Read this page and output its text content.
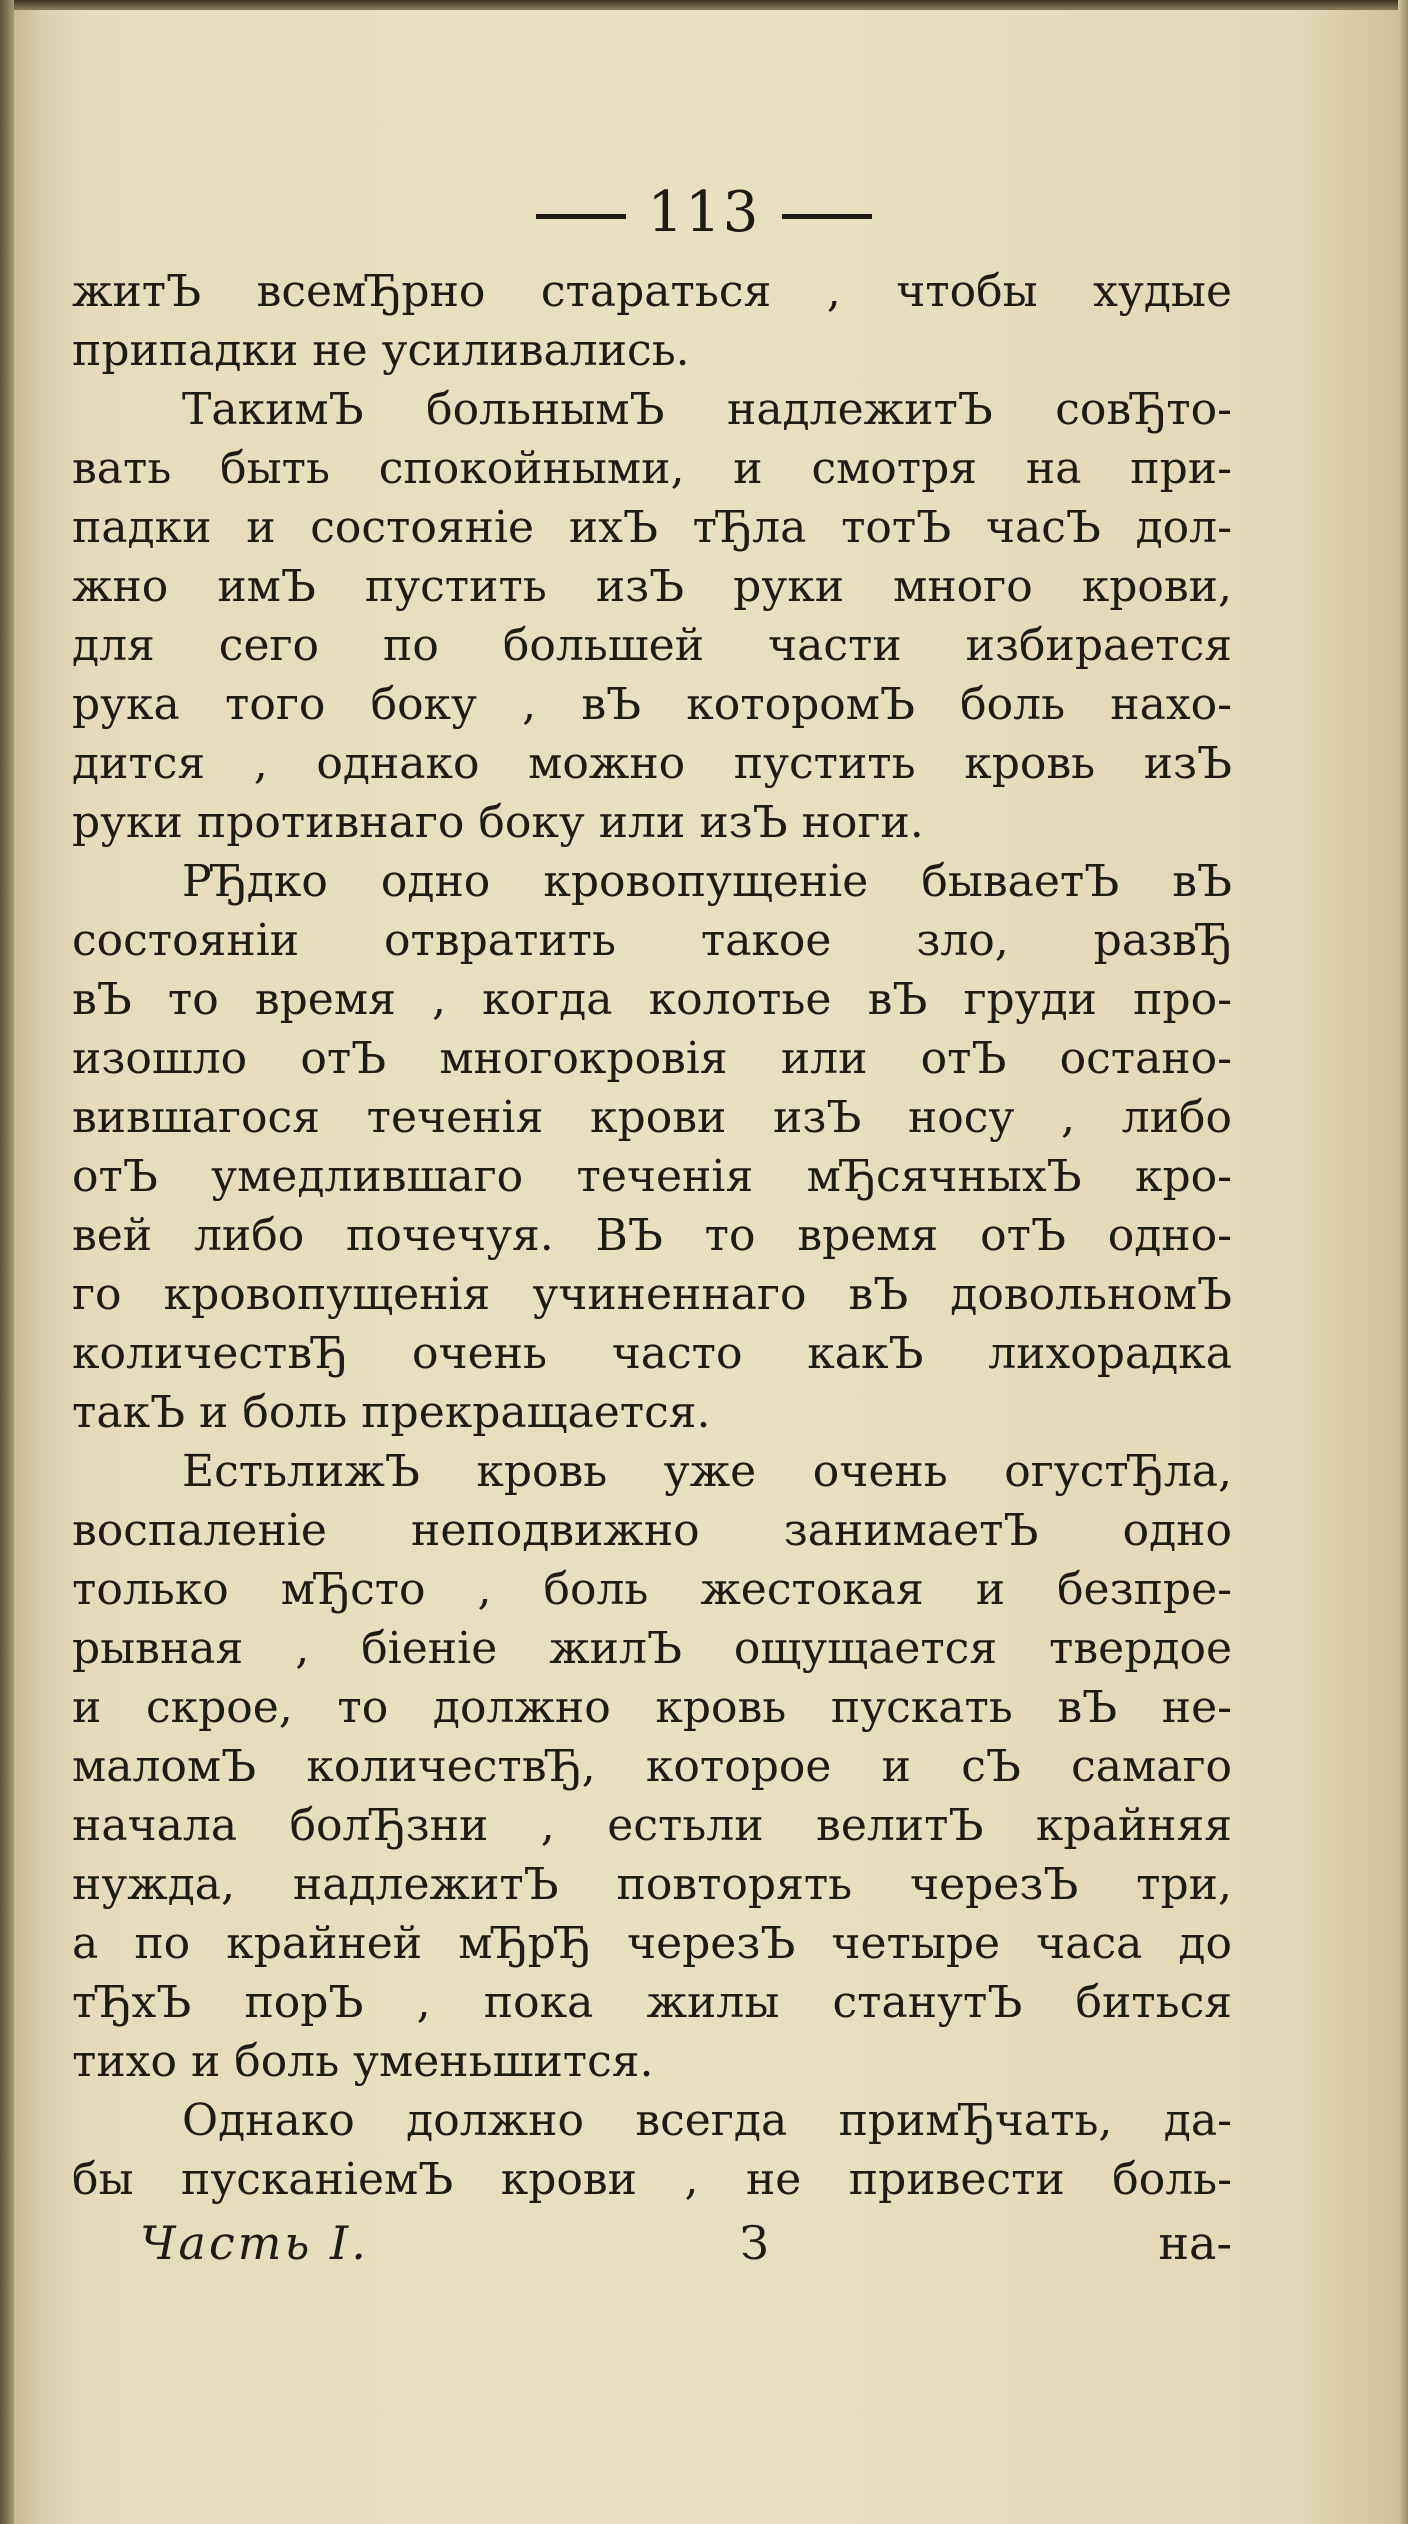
113
житЪ всемЂрно стараться , чтобы худые
припадки не усиливались.
ТакимЪ больнымЪ надлежитЪ совЂто-
вать быть спокойными, и смотря на при-
падки и состоянiе ихЪ тЂла тотЪ часЪ дол-
жно имЪ пустить изЪ руки много крови,
для сего по большей части избирается
рука того боку , вЪ которомЪ боль нахо-
дится , однако можно пустить кровь изЪ
руки противнаго боку или изЪ ноги.
РЂдко одно кровопущенiе бываетЪ вЪ
состоянiи отвратить такое зло, развЂ
вЪ то время , когда колотье вЪ груди про-
изошло отЪ многокровiя или отЪ остано-
вившагося теченiя крови изЪ носу , либо
отЪ умедлившаго теченiя мЂсячныхЪ кро-
вей либо почечуя. ВЪ то время отЪ одно-
го кровопущенiя учиненнаго вЪ довольномЪ
количествЂ очень часто какЪ лихорадка
такЪ и боль прекращается.
ЕстьлижЪ кровь уже очень огустЂла,
воспаленiе неподвижно занимаетЪ одно
только мЂсто , боль жестокая и безпре-
рывная , бiенiе жилЪ ощущается твердое
и скрое, то должно кровь пускать вЪ не-
маломЪ количествЂ, которое и сЪ самаго
начала болЂзни , естьли велитЪ крайняя
нужда, надлежитЪ повторять черезЪ три,
а по крайней мЂрЂ черезЪ четыре часа до
тЂхЪ порЪ , пока жилы станутЪ биться
тихо и боль уменьшится.
Однако должно всегда примЂчать, да-
бы пусканiемЪ крови , не привести боль-
Часть I.	З	на-
